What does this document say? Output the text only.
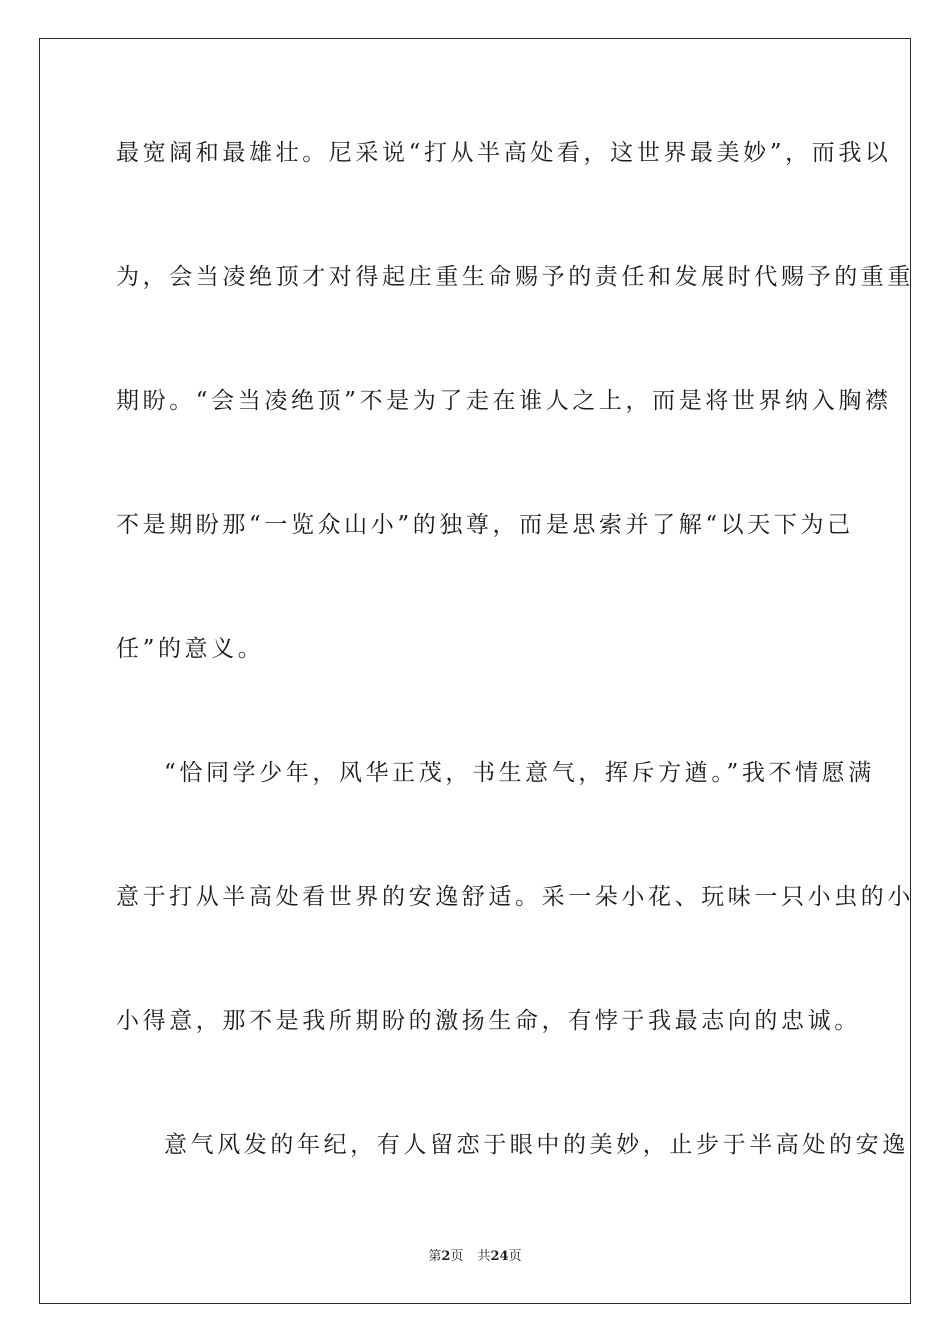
最宽阔和最雄壮。尼采说“打从半高处看，这世界最美妙”，而我以
为，会当凌绝顶才对得起庄重生命赐予的责任和发展时代赐予的重重
期盼。“会当凌绝顶”不是为了走在谁人之上，而是将世界纳入胸襟
不是期盼那“一览众山小”的独尊，而是思索并了解“以天下为己
任”的意义。
“恰同学少年，风华正茂，书生意气，挥斥方遒。”我不情愿满
意于打从半高处看世界的安逸舒适。采一朵小花、玩味一只小虫的小
小得意，那不是我所期盼的激扬生命，有悖于我最志向的忠诚。
意气风发的年纪，有人留恋于眼中的美妙，止步于半高处的安逸
第2页 共24页
